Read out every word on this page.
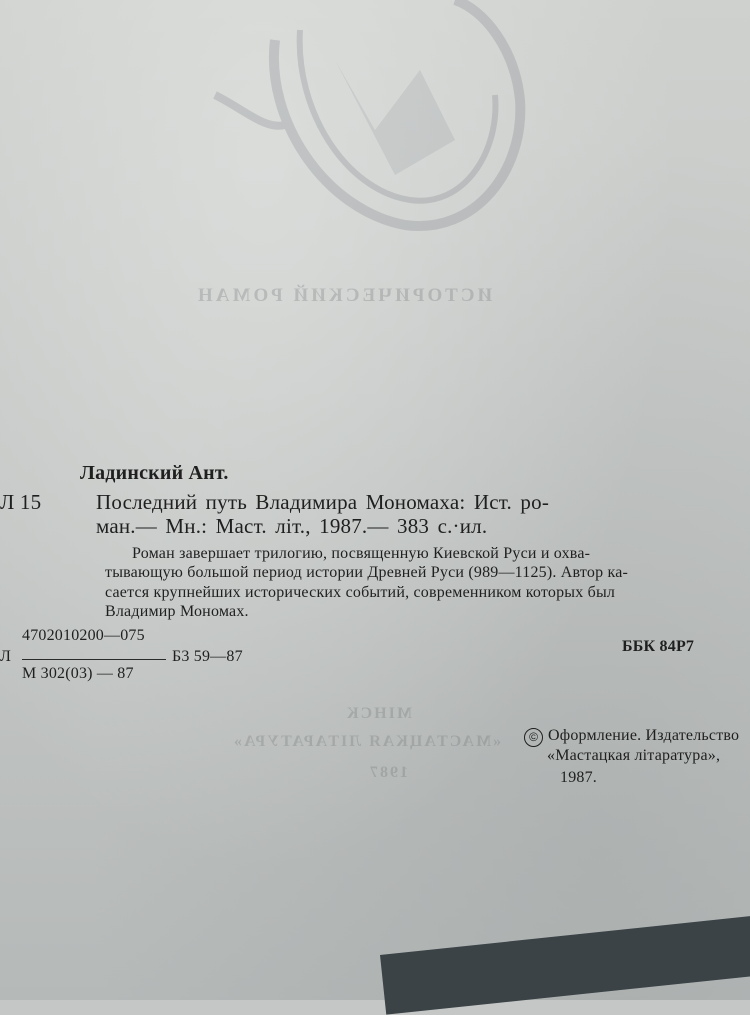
ИСТОРИЧЕСКИЙ РОМАН
МІНСК
«МАСТАЦКАЯ ЛІТАРАТУРА»
1987
Ладинский Ант.
Л 15	Последний путь Владимира Мономаха: Ист. ро-
ман.— Мн.: Маст. літ., 1987.— 383 с.·ил.
Роман завершает трилогию, посвященную Киевской Руси и охва-
тывающую большой период истории Древней Руси (989—1125). Автор ка-
сается крупнейших исторических событий, современником которых был
Владимир Мономах.
4702010200—075
Л	Б3 59—87
М 302(03) — 87
ББК 84Р7
© Оформление. Издательство
«Мастацкая літаратура»,
1987.
